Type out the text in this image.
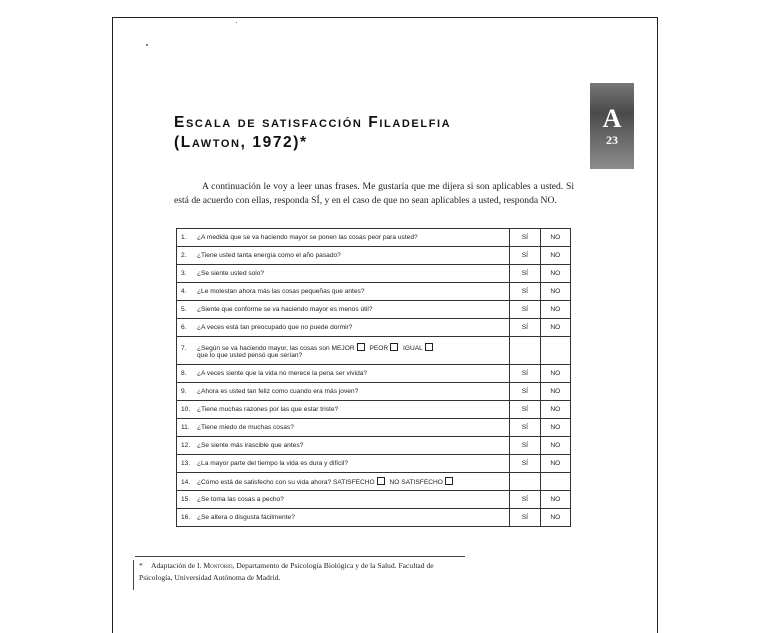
Escala de satisfacción Filadelfia
(Lawton, 1972)*
A
23

A continuación le voy a leer unas frases. Me gustaría que me dijera si son aplicables a usted. Si está de acuerdo con ellas, responda SÍ, y en el caso de que no sean aplicables a usted, responda NO.

1. ¿A medida que se va haciendo mayor se ponen las cosas peor para usted?	SÍ	NO
2. ¿Tiene usted tanta energía como el año pasado?	SÍ	NO
3. ¿Se siente usted solo?	SÍ	NO
4. ¿Le molestan ahora más las cosas pequeñas que antes?	SÍ	NO
5. ¿Siente que conforme se va haciendo mayor es menos útil?	SÍ	NO
6. ¿A veces está tan preocupado que no puede dormir?	SÍ	NO
7. ¿Según se va haciendo mayor, las cosas son MEJOR PEOR IGUAL
que lo que usted pensó que serían?		

8. ¿A veces siente que la vida no merece la pena ser vivida?	SÍ	NO
9. ¿Ahora es usted tan feliz como cuando era más joven?	SÍ	NO
10. ¿Tiene muchas razones por las que estar triste?	SÍ	NO
11. ¿Tiene miedo de muchas cosas?	SÍ	NO
12. ¿Se siente más irascible que antes?	SÍ	NO
13. ¿La mayor parte del tiempo la vida es dura y difícil?	SÍ	NO
14. ¿Cómo está de satisfecho con su vida ahora? SATISFECHO NO SATISFECHO		
15. ¿Se toma las cosas a pecho?	SÍ	NO
16. ¿Se altera o disgusta fácilmente?	SÍ	NO

* Adaptación de I. Montorio, Departamento de Psicología Biológica y de la Salud. Facultad de Psicología, Universidad Autónoma de Madrid.
